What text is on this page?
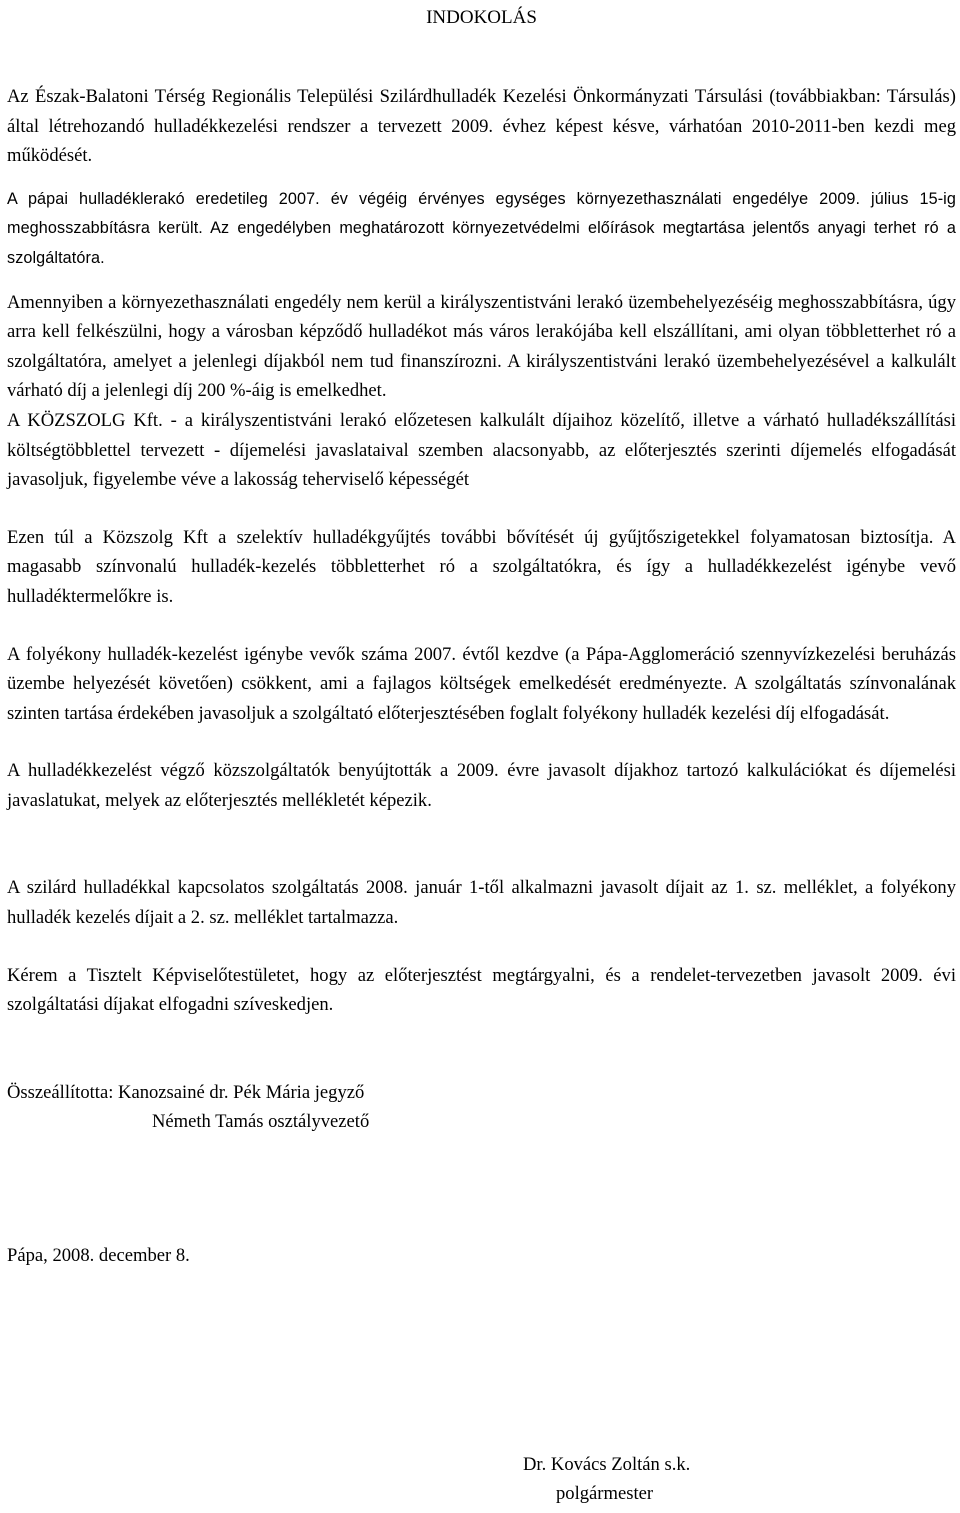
INDOKOLÁS

Az Észak-Balatoni Térség Regionális Települési Szilárdhulladék Kezelési Önkormányzati Társulási (továbbiakban: Társulás) által létrehozandó hulladékkezelési rendszer a tervezett 2009. évhez képest késve, várhatóan 2010-2011-ben kezdi meg működését.

A pápai hulladéklerakó eredetileg 2007. év végéig érvényes egységes környezethasználati engedélye 2009. július 15-ig meghosszabbításra került. Az engedélyben meghatározott környezetvédelmi előírások megtartása jelentős anyagi terhet ró a szolgáltatóra.

Amennyiben a környezethasználati engedély nem kerül a királyszentistváni lerakó üzembehelyezéséig meghosszabbításra, úgy arra kell felkészülni, hogy a városban képződő hulladékot más város lerakójába kell elszállítani, ami olyan többletterhet ró a szolgáltatóra, amelyet a jelenlegi díjakból nem tud finanszírozni. A királyszentistváni lerakó üzembehelyezésével a kalkulált várható díj a jelenlegi díj 200 %-áig is emelkedhet.

A KÖZSZOLG Kft. - a királyszentistváni lerakó előzetesen kalkulált díjaihoz közelítő, illetve a várható hulladékszállítási költségtöbblettel tervezett - díjemelési javaslataival szemben alacsonyabb, az előterjesztés szerinti díjemelés elfogadását javasoljuk, figyelembe véve a lakosság teherviselő képességét

Ezen túl a Közszolg Kft a szelektív hulladékgyűjtés további bővítését új gyűjtőszigetekkel folyamatosan biztosítja. A magasabb színvonalú hulladék-kezelés többletterhet ró a szolgáltatókra, és így a hulladékkezelést igénybe vevő hulladéktermelőkre is.

A folyékony hulladék-kezelést igénybe vevők száma 2007. évtől kezdve (a Pápa-Agglomeráció szennyvízkezelési beruházás üzembe helyezését követően) csökkent, ami a fajlagos költségek emelkedését eredményezte. A szolgáltatás színvonalának szinten tartása érdekében javasoljuk a szolgáltató előterjesztésében foglalt folyékony hulladék kezelési díj elfogadását.

A hulladékkezelést végző közszolgáltatók benyújtották a 2009. évre javasolt díjakhoz tartozó kalkulációkat és díjemelési javaslatukat, melyek az előterjesztés mellékletét képezik.

A szilárd hulladékkal kapcsolatos szolgáltatás 2008. január 1-től alkalmazni javasolt díjait az 1. sz. melléklet, a folyékony hulladék kezelés díjait a 2. sz. melléklet tartalmazza.

Kérem a Tisztelt Képviselőtestületet, hogy az előterjesztést megtárgyalni, és a rendelet-tervezetben javasolt 2009. évi szolgáltatási díjakat elfogadni szíveskedjen.

Összeállította: Kanozsainé dr. Pék Mária jegyző
Németh Tamás osztályvezető
Pápa, 2008. december 8.
Dr. Kovács Zoltán s.k.
polgármester
